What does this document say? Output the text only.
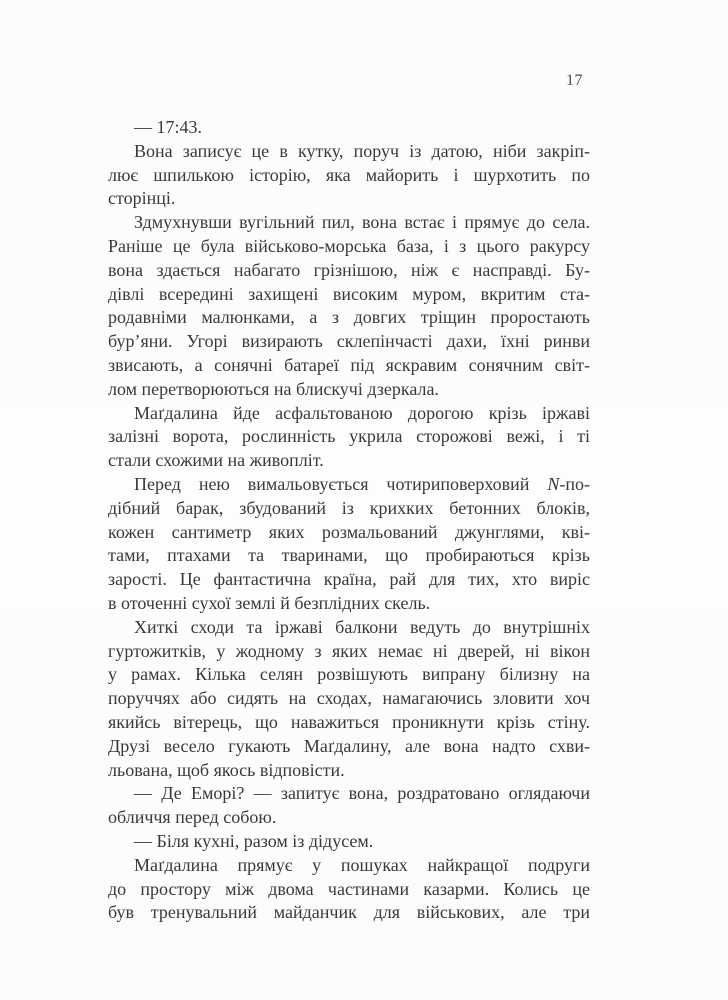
17
— 17:43.
Вона записує це в кутку, поруч із датою, ніби закріп-
лює шпилькою історію, яка майорить і шурхотить по
сторінці.
Здмухнувши вугільний пил, вона встає і прямує до села.
Раніше це була військово-морська база, і з цього ракурсу
вона здається набагато грізнішою, ніж є насправді. Бу-
дівлі всередині захищені високим муром, вкритим ста-
родавніми малюнками, а з довгих тріщин проростають
бур’яни. Угорі визирають склепінчасті дахи, їхні ринви
звисають, а сонячні батареї під яскравим сонячним світ-
лом перетворюються на блискучі дзеркала.
Маґдалина йде асфальтованою дорогою крізь іржаві
залізні ворота, рослинність укрила сторожові вежі, і ті
стали схожими на живопліт.
Перед нею вимальовується чотириповерховий N-по-
дібний барак, збудований із крихких бетонних блоків,
кожен сантиметр яких розмальований джунглями, кві-
тами, птахами та тваринами, що пробираються крізь
зарості. Це фантастична країна, рай для тих, хто виріс
в оточенні сухої землі й безплідних скель.
Хиткі сходи та іржаві балкони ведуть до внутрішніх
гуртожитків, у жодному з яких немає ні дверей, ні вікон
у рамах. Кілька селян розвішують випрану білизну на
поруччях або сидять на сходах, намагаючись зловити хоч
якийсь вітерець, що наважиться проникнути крізь стіну.
Друзі весело гукають Маґдалину, але вона надто схви-
льована, щоб якось відповісти.
— Де Еморі? — запитує вона, роздратовано оглядаючи
обличчя перед собою.
— Біля кухні, разом із дідусем.
Маґдалина прямує у пошуках найкращої подруги
до простору між двома частинами казарми. Колись це
був тренувальний майданчик для військових, але три
